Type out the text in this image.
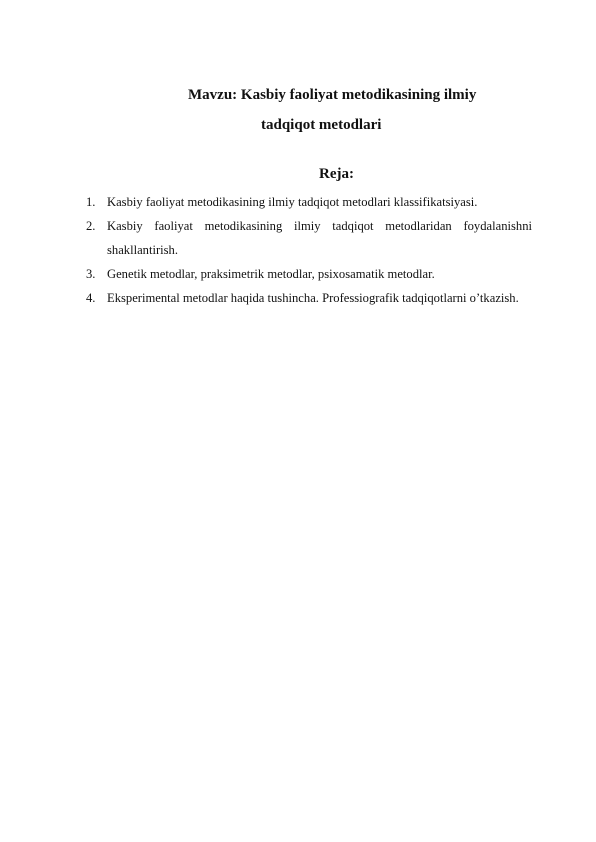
Mavzu: Kasbiy faoliyat metodikasining ilmiy
tadqiqot metodlari
Reja:
1. Kasbiy faoliyat metodikasining ilmiy tadqiqot metodlari klassifikatsiyasi.
2. Kasbiy faoliyat metodikasining ilmiy tadqiqot metodlaridan foydalanishni shakllantirish.
3. Genetik metodlar, praksimetrik metodlar, psixosamatik metodlar.
4. Eksperimental metodlar haqida tushincha. Professiografik tadqiqotlarni o’tkazish.
